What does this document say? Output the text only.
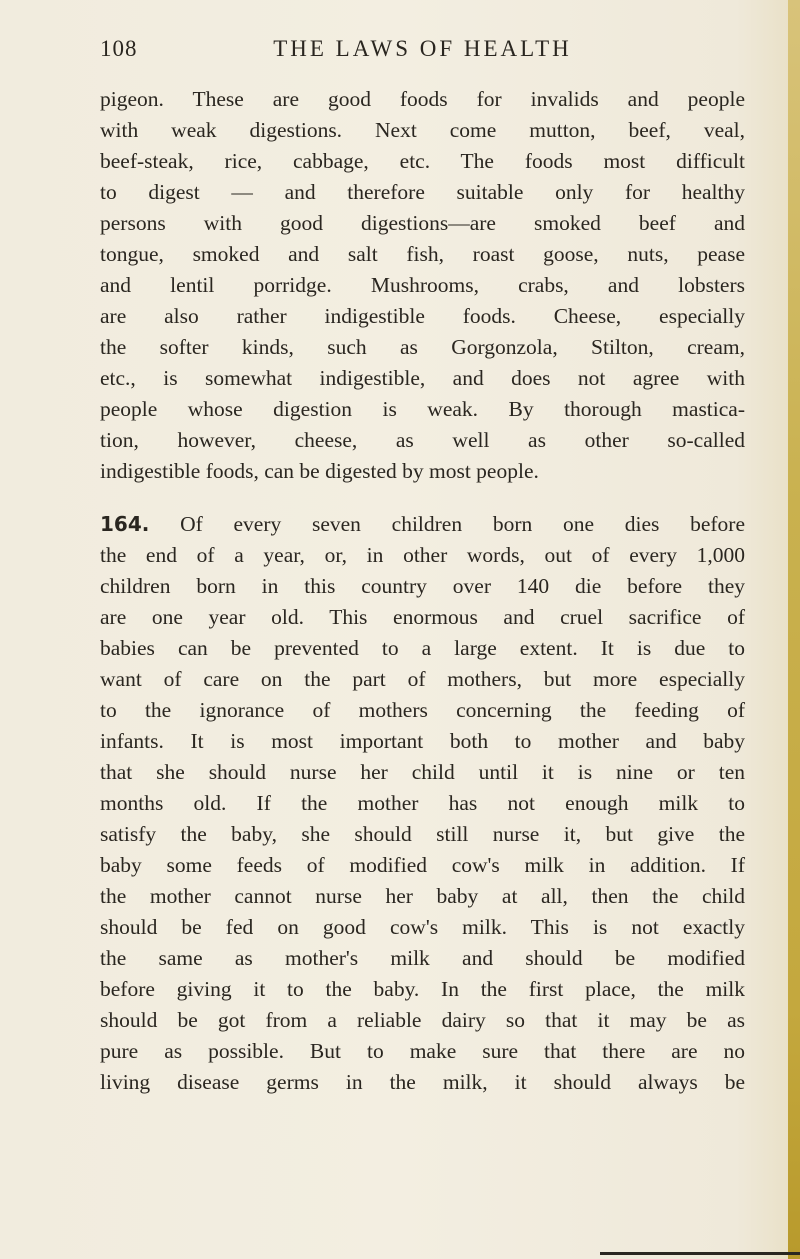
108	THE LAWS OF HEALTH
pigeon. These are good foods for invalids and people
with weak digestions. Next come mutton, beef, veal,
beef-steak, rice, cabbage, etc. The foods most difficult
to digest — and therefore suitable only for healthy
persons with good digestions—are smoked beef and
tongue, smoked and salt fish, roast goose, nuts, pease
and lentil porridge. Mushrooms, crabs, and lobsters
are also rather indigestible foods. Cheese, especially
the softer kinds, such as Gorgonzola, Stilton, cream,
etc., is somewhat indigestible, and does not agree with
people whose digestion is weak. By thorough mastica-
tion, however, cheese, as well as other so-called
indigestible foods, can be digested by most people.
164. Of every seven children born one dies before
the end of a year, or, in other words, out of every 1,000
children born in this country over 140 die before they
are one year old. This enormous and cruel sacrifice of
babies can be prevented to a large extent. It is due to
want of care on the part of mothers, but more especially
to the ignorance of mothers concerning the feeding of
infants. It is most important both to mother and baby
that she should nurse her child until it is nine or ten
months old. If the mother has not enough milk to
satisfy the baby, she should still nurse it, but give the
baby some feeds of modified cow's milk in addition. If
the mother cannot nurse her baby at all, then the child
should be fed on good cow's milk. This is not exactly
the same as mother's milk and should be modified
before giving it to the baby. In the first place, the milk
should be got from a reliable dairy so that it may be as
pure as possible. But to make sure that there are no
living disease germs in the milk, it should always be
